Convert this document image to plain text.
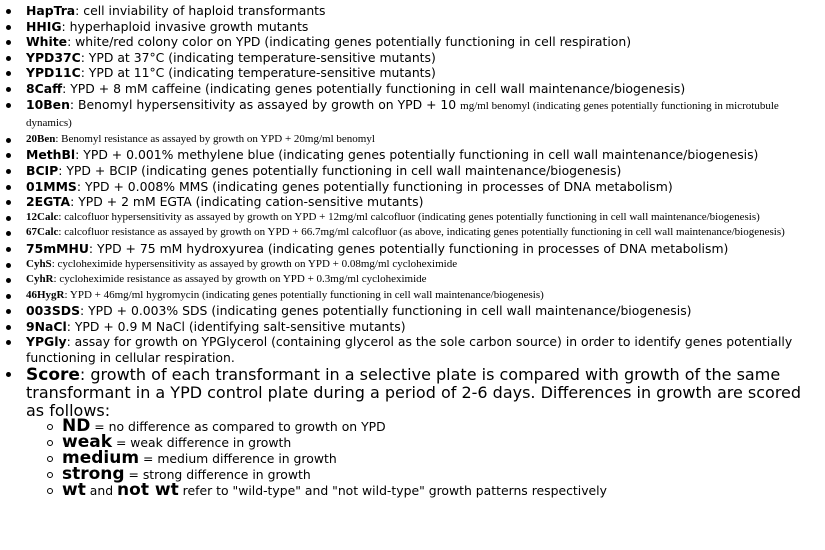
HapTra: cell inviability of haploid transformants
HHIG: hyperhaploid invasive growth mutants
White: white/red colony color on YPD (indicating genes potentially functioning in cell respiration)
YPD37C: YPD at 37°C (indicating temperature-sensitive mutants)
YPD11C: YPD at 11°C (indicating temperature-sensitive mutants)
8Caff: YPD + 8 mM caffeine (indicating genes potentially functioning in cell wall maintenance/biogenesis)
10Ben: Benomyl hypersensitivity as assayed by growth on YPD + 10 mg/ml benomyl (indicating genes potentially functioning in microtubule dynamics)
20Ben: Benomyl resistance as assayed by growth on YPD + 20mg/ml benomyl
MethBl: YPD + 0.001% methylene blue (indicating genes potentially functioning in cell wall maintenance/biogenesis)
BCIP: YPD + BCIP (indicating genes potentially functioning in cell wall maintenance/biogenesis)
01MMS: YPD + 0.008% MMS (indicating genes potentially functioning in processes of DNA metabolism)
2EGTA: YPD + 2 mM EGTA (indicating cation-sensitive mutants)
12Calc: calcofluor hypersensitivity as assayed by growth on YPD + 12mg/ml calcofluor (indicating genes potentially functioning in cell wall maintenance/biogenesis)
67Calc: calcofluor resistance as assayed by growth on YPD + 66.7mg/ml calcofluor (as above, indicating genes potentially functioning in cell wall maintenance/biogenesis)
75mMHU: YPD + 75 mM hydroxyurea (indicating genes potentially functioning in processes of DNA metabolism)
CyhS: cycloheximide hypersensitivity as assayed by growth on YPD + 0.08mg/ml cycloheximide
CyhR: cycloheximide resistance as assayed by growth on YPD + 0.3mg/ml cycloheximide
46HygR: YPD + 46mg/ml hygromycin (indicating genes potentially functioning in cell wall maintenance/biogenesis)
003SDS: YPD + 0.003% SDS (indicating genes potentially functioning in cell wall maintenance/biogenesis)
9NaCl: YPD + 0.9 M NaCl (identifying salt-sensitive mutants)
YPGly: assay for growth on YPGlycerol (containing glycerol as the sole carbon source) in order to identify genes potentially functioning in cellular respiration.
Score: growth of each transformant in a selective plate is compared with growth of the same transformant in a YPD control plate during a period of 2-6 days. Differences in growth are scored as follows:
ND = no difference as compared to growth on YPD
weak = weak difference in growth
medium = medium difference in growth
strong = strong difference in growth
wt and not wt refer to "wild-type" and "not wild-type" growth patterns respectively
